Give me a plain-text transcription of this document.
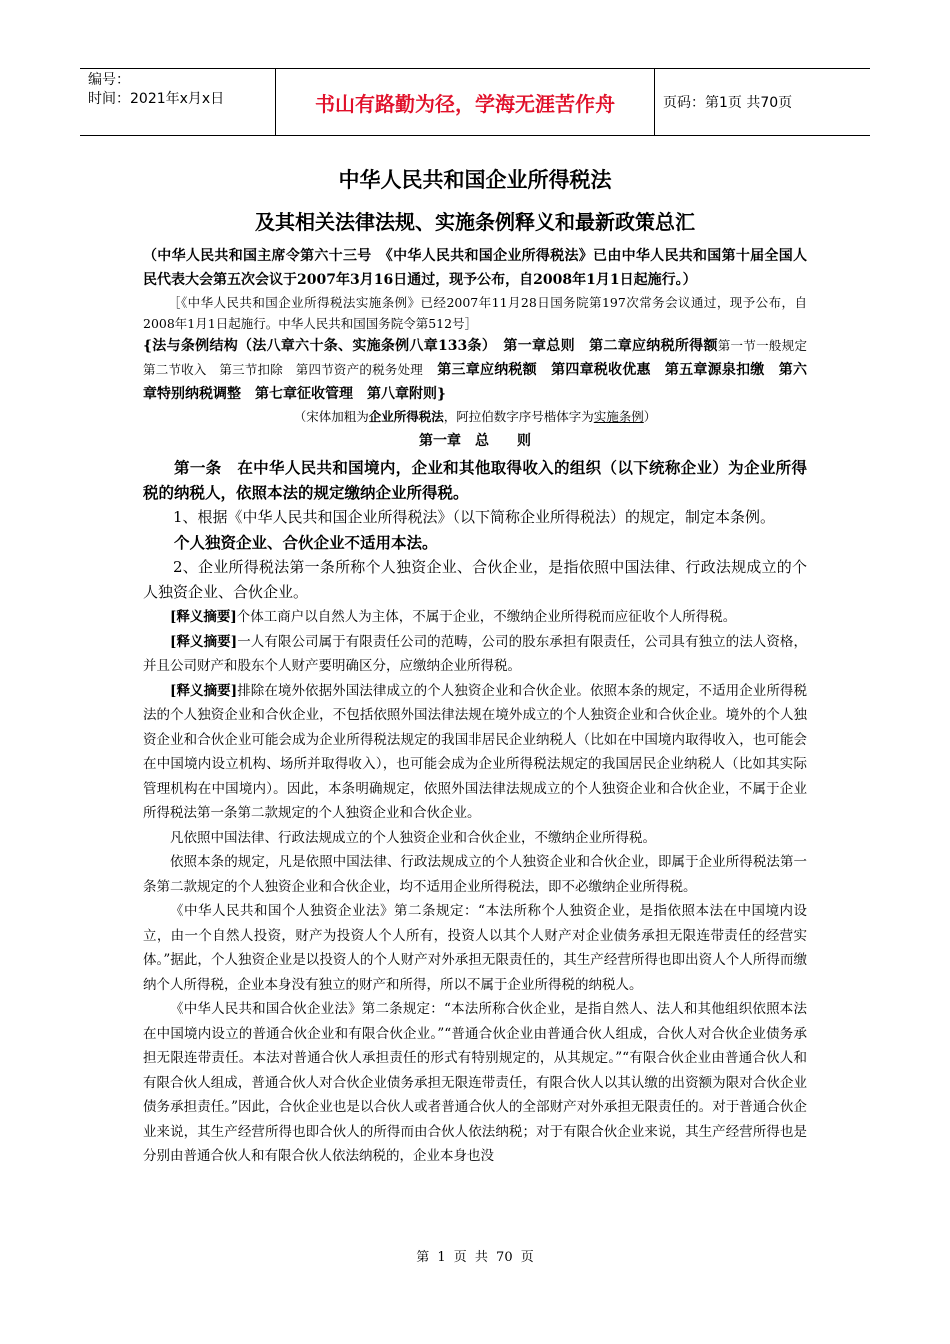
编号：
时间：2021年x月x日	书山有路勤为径，学海无涯苦作舟	页码：第1页 共70页
中华人民共和国企业所得税法
及其相关法律法规、实施条例释义和最新政策总汇

（中华人民共和国主席令第六十三号　《中华人民共和国企业所得税法》已由中华人民共和国第十届全国人民代表大会第五次会议于2007年3月16日通过，现予公布，自2008年1月1日起施行。）

［《中华人民共和国企业所得税法实施条例》已经2007年11月28日国务院第197次常务会议通过，现予公布，自2008年1月1日起施行。中华人民共和国国务院令第512号］

{法与条例结构（法八章六十条、实施条例八章133条）　第一章总则　第二章应纳税所得额第一节一般规定　第二节收入　第三节扣除　第四节资产的税务处理　第三章应纳税额　第四章税收优惠　第五章源泉扣缴　第六章特别纳税调整　第七章征收管理　第八章附则}

（宋体加粗为企业所得税法，阿拉伯数字序号楷体字为实施条例）

第一章　总　　则

第一条　在中华人民共和国境内，企业和其他取得收入的组织（以下统称企业）为企业所得税的纳税人，依照本法的规定缴纳企业所得税。

1、根据《中华人民共和国企业所得税法》（以下简称企业所得税法）的规定，制定本条例。

个人独资企业、合伙企业不适用本法。

2、企业所得税法第一条所称个人独资企业、合伙企业，是指依照中国法律、行政法规成立的个人独资企业、合伙企业。

[释义摘要]个体工商户以自然人为主体，不属于企业，不缴纳企业所得税而应征收个人所得税。

[释义摘要]一人有限公司属于有限责任公司的范畴，公司的股东承担有限责任，公司具有独立的法人资格，并且公司财产和股东个人财产要明确区分，应缴纳企业所得税。

[释义摘要]排除在境外依据外国法律成立的个人独资企业和合伙企业。依照本条的规定，不适用企业所得税法的个人独资企业和合伙企业，不包括依照外国法律法规在境外成立的个人独资企业和合伙企业。境外的个人独资企业和合伙企业可能会成为企业所得税法规定的我国非居民企业纳税人（比如在中国境内取得收入，也可能会在中国境内设立机构、场所并取得收入），也可能会成为企业所得税法规定的我国居民企业纳税人（比如其实际管理机构在中国境内）。因此，本条明确规定，依照外国法律法规成立的个人独资企业和合伙企业，不属于企业所得税法第一条第二款规定的个人独资企业和合伙企业。

凡依照中国法律、行政法规成立的个人独资企业和合伙企业，不缴纳企业所得税。

依照本条的规定，凡是依照中国法律、行政法规成立的个人独资企业和合伙企业，即属于企业所得税法第一条第二款规定的个人独资企业和合伙企业，均不适用企业所得税法，即不必缴纳企业所得税。

《中华人民共和国个人独资企业法》第二条规定：“本法所称个人独资企业，是指依照本法在中国境内设立，由一个自然人投资，财产为投资人个人所有，投资人以其个人财产对企业债务承担无限连带责任的经营实体。”据此，个人独资企业是以投资人的个人财产对外承担无限责任的，其生产经营所得也即出资人个人所得而缴纳个人所得税，企业本身没有独立的财产和所得，所以不属于企业所得税的纳税人。

《中华人民共和国合伙企业法》第二条规定：“本法所称合伙企业，是指自然人、法人和其他组织依照本法在中国境内设立的普通合伙企业和有限合伙企业。”“普通合伙企业由普通合伙人组成，合伙人对合伙企业债务承担无限连带责任。本法对普通合伙人承担责任的形式有特别规定的，从其规定。”“有限合伙企业由普通合伙人和有限合伙人组成，普通合伙人对合伙企业债务承担无限连带责任，有限合伙人以其认缴的出资额为限对合伙企业债务承担责任。”因此，合伙企业也是以合伙人或者普通合伙人的全部财产对外承担无限责任的。对于普通合伙企业来说，其生产经营所得也即合伙人的所得而由合伙人依法纳税；对于有限合伙企业来说，其生产经营所得也是分别由普通合伙人和有限合伙人依法纳税的，企业本身也没

第 1 页 共 70 页
